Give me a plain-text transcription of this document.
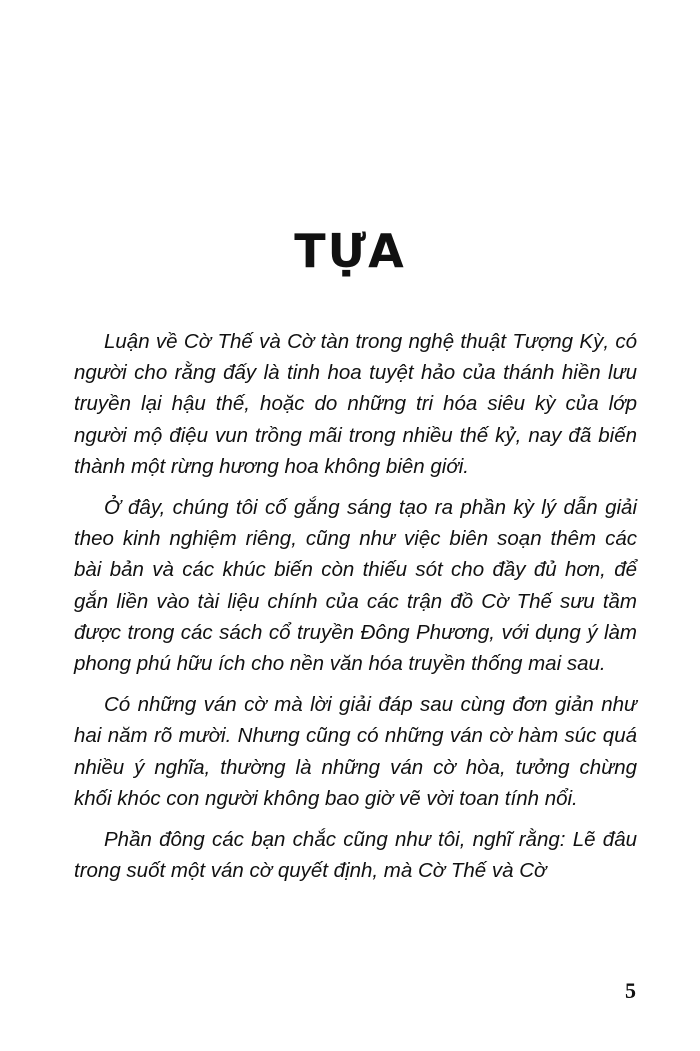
TỰA

Luận về Cờ Thế và Cờ tàn trong nghệ thuật Tượng Kỳ, có người cho rằng đấy là tinh hoa tuyệt hảo của thánh hiền lưu truyền lại hậu thế, hoặc do những tri hóa siêu kỳ của lớp người mộ điệu vun trồng mãi trong nhiều thế kỷ, nay đã biến thành một rừng hương hoa không biên giới.

Ở đây, chúng tôi cố gắng sáng tạo ra phần kỳ lý dẫn giải theo kinh nghiệm riêng, cũng như việc biên soạn thêm các bài bản và các khúc biến còn thiếu sót cho đầy đủ hơn, để gắn liền vào tài liệu chính của các trận đồ Cờ Thế sưu tầm được trong các sách cổ truyền Đông Phương, với dụng ý làm phong phú hữu ích cho nền văn hóa truyền thống mai sau.

Có những ván cờ mà lời giải đáp sau cùng đơn giản như hai năm rõ mười. Nhưng cũng có những ván cờ hàm súc quá nhiều ý nghĩa, thường là những ván cờ hòa, tưởng chừng khối khóc con người không bao giờ vẽ vời toan tính nổi.

Phần đông các bạn chắc cũng như tôi, nghĩ rằng: Lẽ đâu trong suốt một ván cờ quyết định, mà Cờ Thế và Cờ

5
